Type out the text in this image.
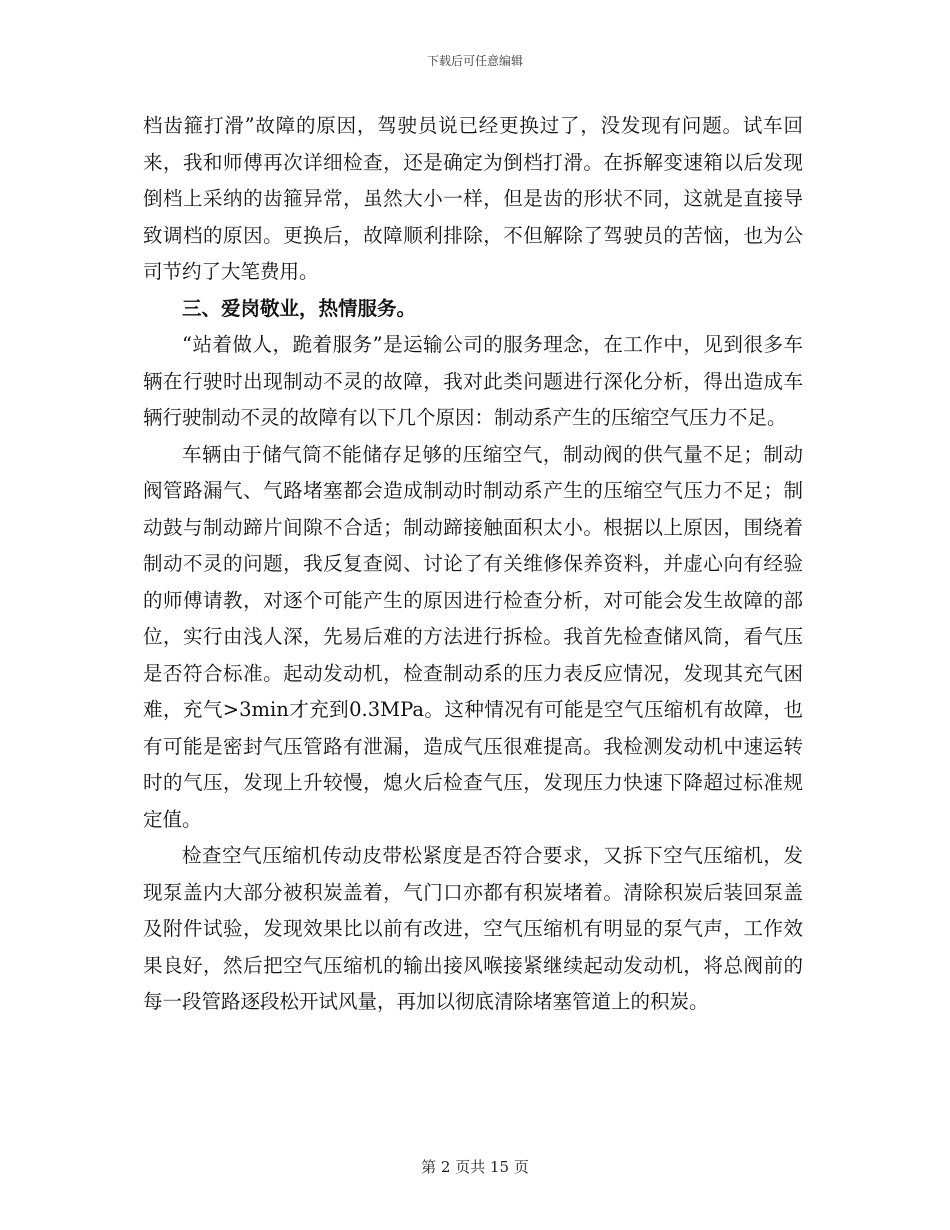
下载后可任意编辑

档齿箍打滑”故障的原因，驾驶员说已经更换过了，没发现有问题。试车回来，我和师傅再次详细检查，还是确定为倒档打滑。在拆解变速箱以后发现倒档上采纳的齿箍异常，虽然大小一样，但是齿的形状不同，这就是直接导致调档的原因。更换后，故障顺利排除，不但解除了驾驶员的苦恼，也为公司节约了大笔费用。

三、爱岗敬业，热情服务。

“站着做人，跪着服务”是运输公司的服务理念，在工作中，见到很多车辆在行驶时出现制动不灵的故障，我对此类问题进行深化分析，得出造成车辆行驶制动不灵的故障有以下几个原因：制动系产生的压缩空气压力不足。

车辆由于储气筒不能储存足够的压缩空气，制动阀的供气量不足；制动阀管路漏气、气路堵塞都会造成制动时制动系产生的压缩空气压力不足；制动鼓与制动蹄片间隙不合适；制动蹄接触面积太小。根据以上原因，围绕着制动不灵的问题，我反复查阅、讨论了有关维修保养资料，并虚心向有经验的师傅请教，对逐个可能产生的原因进行检查分析，对可能会发生故障的部位，实行由浅人深，先易后难的方法进行拆检。我首先检查储风筒，看气压是否符合标准。起动发动机，检查制动系的压力表反应情况，发现其充气困难，充气>3min才充到0.3MPa。这种情况有可能是空气压缩机有故障，也有可能是密封气压管路有泄漏，造成气压很难提高。我检测发动机中速运转时的气压，发现上升较慢，熄火后检查气压，发现压力快速下降超过标准规定值。

检查空气压缩机传动皮带松紧度是否符合要求，又拆下空气压缩机，发现泵盖内大部分被积炭盖着，气门口亦都有积炭堵着。清除积炭后装回泵盖及附件试验，发现效果比以前有改进，空气压缩机有明显的泵气声，工作效果良好，然后把空气压缩机的输出接风喉接紧继续起动发动机，将总阀前的每一段管路逐段松开试风量，再加以彻底清除堵塞管道上的积炭。

第 2 页共 15 页
